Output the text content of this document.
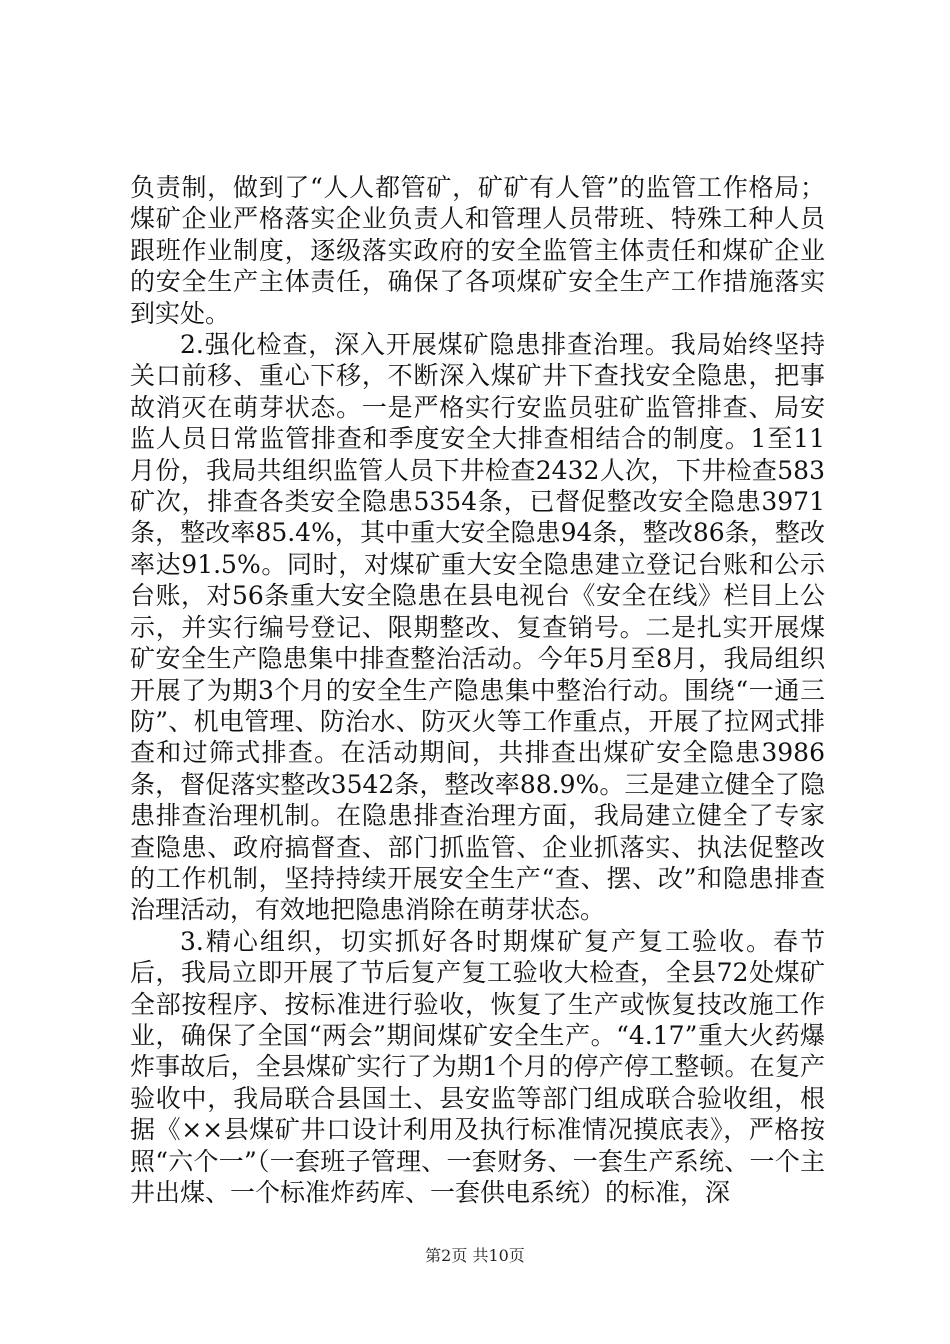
负责制，做到了“人人都管矿，矿矿有人管”的监管工作格局；煤矿企业严格落实企业负责人和管理人员带班、特殊工种人员跟班作业制度，逐级落实政府的安全监管主体责任和煤矿企业的安全生产主体责任，确保了各项煤矿安全生产工作措施落实到实处。

2.强化检查，深入开展煤矿隐患排查治理。我局始终坚持关口前移、重心下移，不断深入煤矿井下查找安全隐患，把事故消灭在萌芽状态。一是严格实行安监员驻矿监管排查、局安监人员日常监管排查和季度安全大排查相结合的制度。1至11月份，我局共组织监管人员下井检查2432人次，下井检查583矿次，排查各类安全隐患5354条，已督促整改安全隐患3971条，整改率85.4%，其中重大安全隐患94条，整改86条，整改率达91.5%。同时，对煤矿重大安全隐患建立登记台账和公示台账，对56条重大安全隐患在县电视台《安全在线》栏目上公示，并实行编号登记、限期整改、复查销号。二是扎实开展煤矿安全生产隐患集中排查整治活动。今年5月至8月，我局组织开展了为期3个月的安全生产隐患集中整治行动。围绕“一通三防”、机电管理、防治水、防灭火等工作重点，开展了拉网式排查和过筛式排查。在活动期间，共排查出煤矿安全隐患3986条，督促落实整改3542条，整改率88.9%。三是建立健全了隐患排查治理机制。在隐患排查治理方面，我局建立健全了专家查隐患、政府搞督查、部门抓监管、企业抓落实、执法促整改的工作机制，坚持持续开展安全生产“查、摆、改”和隐患排查治理活动，有效地把隐患消除在萌芽状态。

3.精心组织，切实抓好各时期煤矿复产复工验收。春节后，我局立即开展了节后复产复工验收大检查，全县72处煤矿全部按程序、按标准进行验收，恢复了生产或恢复技改施工作业，确保了全国“两会”期间煤矿安全生产。“4.17”重大火药爆炸事故后，全县煤矿实行了为期1个月的停产停工整顿。在复产验收中，我局联合县国土、县安监等部门组成联合验收组，根据《××县煤矿井口设计利用及执行标准情况摸底表》，严格按照“六个一”（一套班子管理、一套财务、一套生产系统、一个主井出煤、一个标准炸药库、一套供电系统）的标准，深

第2页 共10页
